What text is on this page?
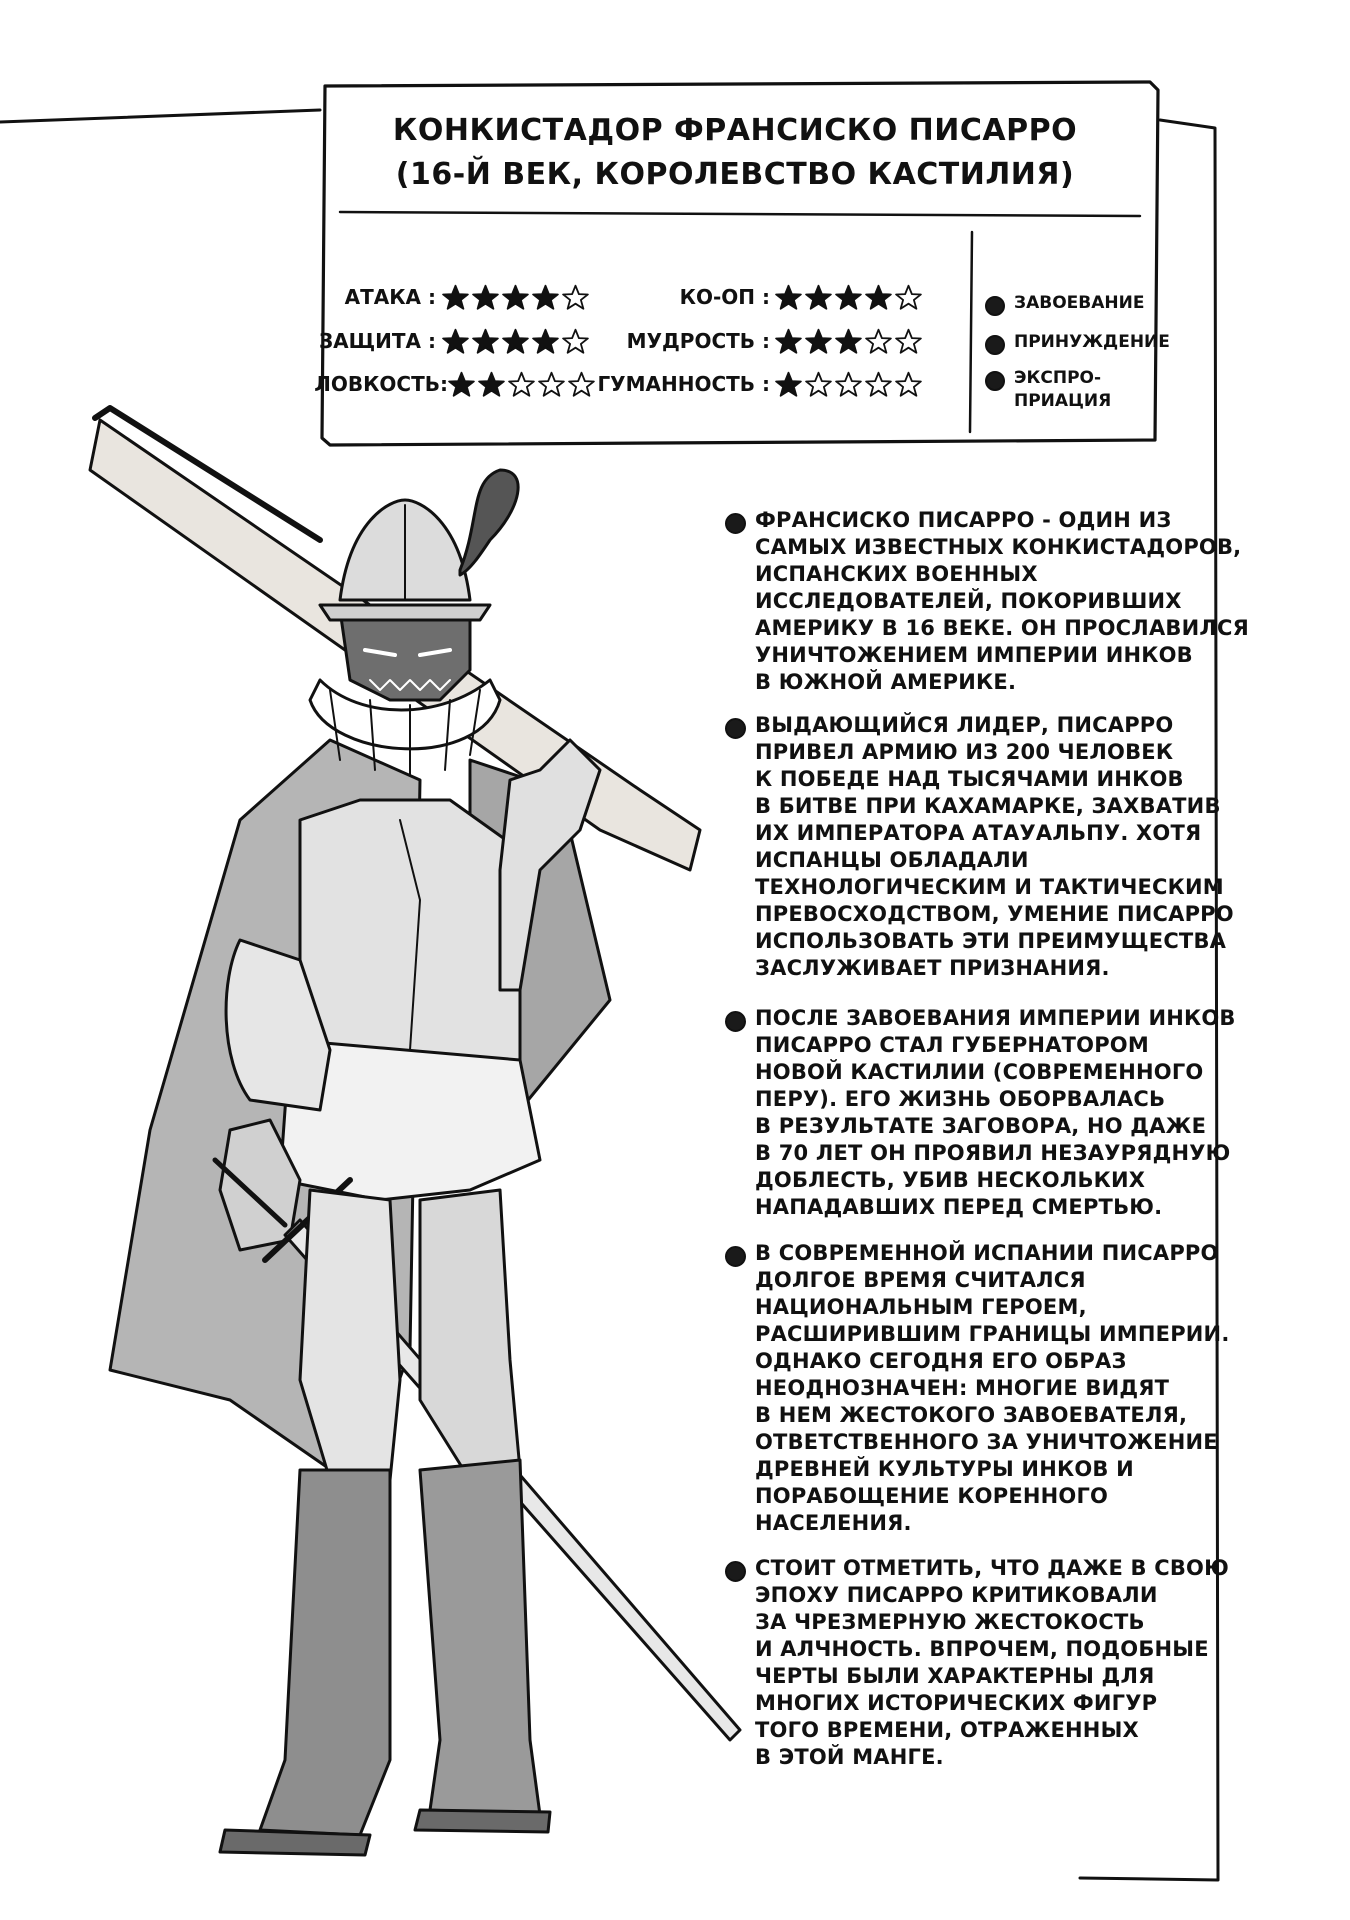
КОНКИСТАДОР ФРАНСИСКО ПИСАРРО
(16-Й ВЕК, КОРОЛЕВСТВО КАСТИЛИЯ)
АТАКА :
ЗАЩИТА :
ЛОВКОСТЬ:
КО-ОП :
МУДРОСТЬ :
ГУМАННОСТЬ :
ЗАВОЕВАНИЕ
ПРИНУЖДЕНИЕ
ЭКСПРО-
ПРИАЦИЯ
ФРАНСИСКО ПИСАРРО - ОДИН ИЗ
САМЫХ ИЗВЕСТНЫХ КОНКИСТАДОРОВ,
ИСПАНСКИХ ВОЕННЫХ
ИССЛЕДОВАТЕЛЕЙ, ПОКОРИВШИХ
АМЕРИКУ В 16 ВЕКЕ. ОН ПРОСЛАВИЛСЯ
УНИЧТОЖЕНИЕМ ИМПЕРИИ ИНКОВ
В ЮЖНОЙ АМЕРИКЕ.
ВЫДАЮЩИЙСЯ ЛИДЕР, ПИСАРРО
ПРИВЕЛ АРМИЮ ИЗ 200 ЧЕЛОВЕК
К ПОБЕДЕ НАД ТЫСЯЧАМИ ИНКОВ
В БИТВЕ ПРИ КАХАМАРКЕ, ЗАХВАТИВ
ИХ ИМПЕРАТОРА АТАУАЛЬПУ. ХОТЯ
ИСПАНЦЫ ОБЛАДАЛИ
ТЕХНОЛОГИЧЕСКИМ И ТАКТИЧЕСКИМ
ПРЕВОСХОДСТВОМ, УМЕНИЕ ПИСАРРО
ИСПОЛЬЗОВАТЬ ЭТИ ПРЕИМУЩЕСТВА
ЗАСЛУЖИВАЕТ ПРИЗНАНИЯ.
ПОСЛЕ ЗАВОЕВАНИЯ ИМПЕРИИ ИНКОВ
ПИСАРРО СТАЛ ГУБЕРНАТОРОМ
НОВОЙ КАСТИЛИИ (СОВРЕМЕННОГО
ПЕРУ). ЕГО ЖИЗНЬ ОБОРВАЛАСЬ
В РЕЗУЛЬТАТЕ ЗАГОВОРА, НО ДАЖЕ
В 70 ЛЕТ ОН ПРОЯВИЛ НЕЗАУРЯДНУЮ
ДОБЛЕСТЬ, УБИВ НЕСКОЛЬКИХ
НАПАДАВШИХ ПЕРЕД СМЕРТЬЮ.
В СОВРЕМЕННОЙ ИСПАНИИ ПИСАРРО
ДОЛГОЕ ВРЕМЯ СЧИТАЛСЯ
НАЦИОНАЛЬНЫМ ГЕРОЕМ,
РАСШИРИВШИМ ГРАНИЦЫ ИМПЕРИИ.
ОДНАКО СЕГОДНЯ ЕГО ОБРАЗ
НЕОДНОЗНАЧЕН: МНОГИЕ ВИДЯТ
В НЕМ ЖЕСТОКОГО ЗАВОЕВАТЕЛЯ,
ОТВЕТСТВЕННОГО ЗА УНИЧТОЖЕНИЕ
ДРЕВНЕЙ КУЛЬТУРЫ ИНКОВ И
ПОРАБОЩЕНИЕ КОРЕННОГО
НАСЕЛЕНИЯ.
СТОИТ ОТМЕТИТЬ, ЧТО ДАЖЕ В СВОЮ
ЭПОХУ ПИСАРРО КРИТИКОВАЛИ
ЗА ЧРЕЗМЕРНУЮ ЖЕСТОКОСТЬ
И АЛЧНОСТЬ. ВПРОЧЕМ, ПОДОБНЫЕ
ЧЕРТЫ БЫЛИ ХАРАКТЕРНЫ ДЛЯ
МНОГИХ ИСТОРИЧЕСКИХ ФИГУР
ТОГО ВРЕМЕНИ, ОТРАЖЕННЫХ
В ЭТОЙ МАНГЕ.
